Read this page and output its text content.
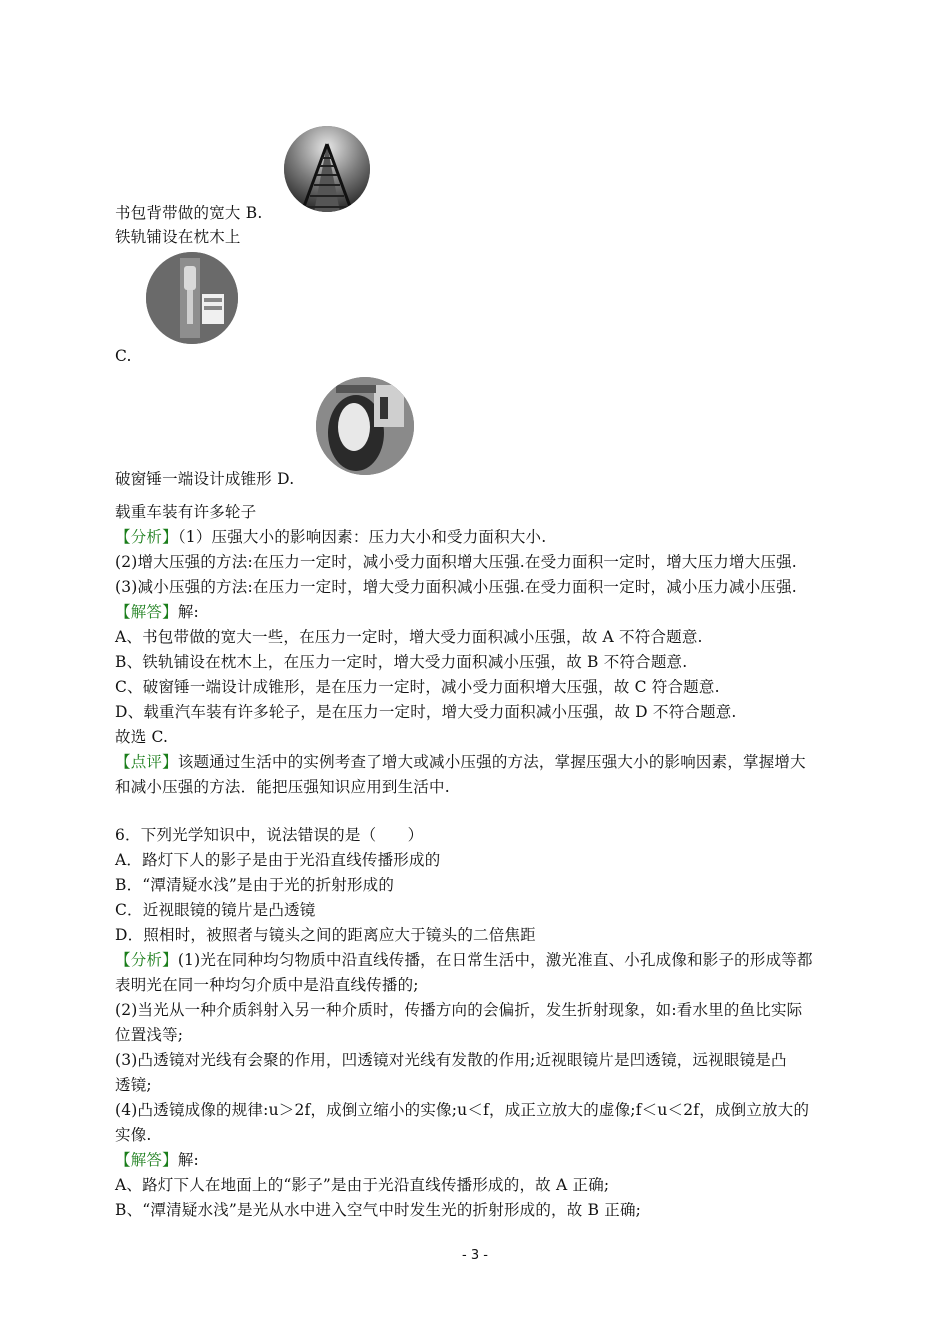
书包背带做的宽大 B.
铁轨铺设在枕木上
C.
破窗锤一端设计成锥形 D.
载重车装有许多轮子
【分析】（1）压强大小的影响因素：压力大小和受力面积大小.
(2)增大压强的方法:在压力一定时，减小受力面积增大压强.在受力面积一定时，增大压力增大压强.
(3)减小压强的方法:在压力一定时，增大受力面积减小压强.在受力面积一定时，减小压力减小压强.
【解答】解:
A、书包带做的宽大一些，在压力一定时，增大受力面积减小压强，故 A 不符合题意.
B、铁轨铺设在枕木上，在压力一定时，增大受力面积减小压强，故 B 不符合题意.
C、破窗锤一端设计成锥形，是在压力一定时，减小受力面积增大压强，故 C 符合题意.
D、载重汽车装有许多轮子，是在压力一定时，增大受力面积减小压强，故 D 不符合题意.
故选 C.
【点评】该题通过生活中的实例考查了增大或减小压强的方法，掌握压强大小的影响因素，掌握增大
和减小压强的方法．能把压强知识应用到生活中.
6．下列光学知识中，说法错误的是（　　）
A．路灯下人的影子是由于光沿直线传播形成的
B．“潭清疑水浅”是由于光的折射形成的
C．近视眼镜的镜片是凸透镜
D．照相时，被照者与镜头之间的距离应大于镜头的二倍焦距
【分析】(1)光在同种均匀物质中沿直线传播，在日常生活中，激光准直、小孔成像和影子的形成等都
表明光在同一种均匀介质中是沿直线传播的;
(2)当光从一种介质斜射入另一种介质时，传播方向的会偏折，发生折射现象，如:看水里的鱼比实际
位置浅等;
(3)凸透镜对光线有会聚的作用，凹透镜对光线有发散的作用;近视眼镜片是凹透镜，远视眼镜是凸
透镜;
(4)凸透镜成像的规律:u＞2f，成倒立缩小的实像;u＜f，成正立放大的虚像;f＜u＜2f，成倒立放大的
实像.
【解答】解:
A、路灯下人在地面上的“影子”是由于光沿直线传播形成的，故 A 正确;
B、“潭清疑水浅”是光从水中进入空气中时发生光的折射形成的，故 B 正确;
- 3 -
